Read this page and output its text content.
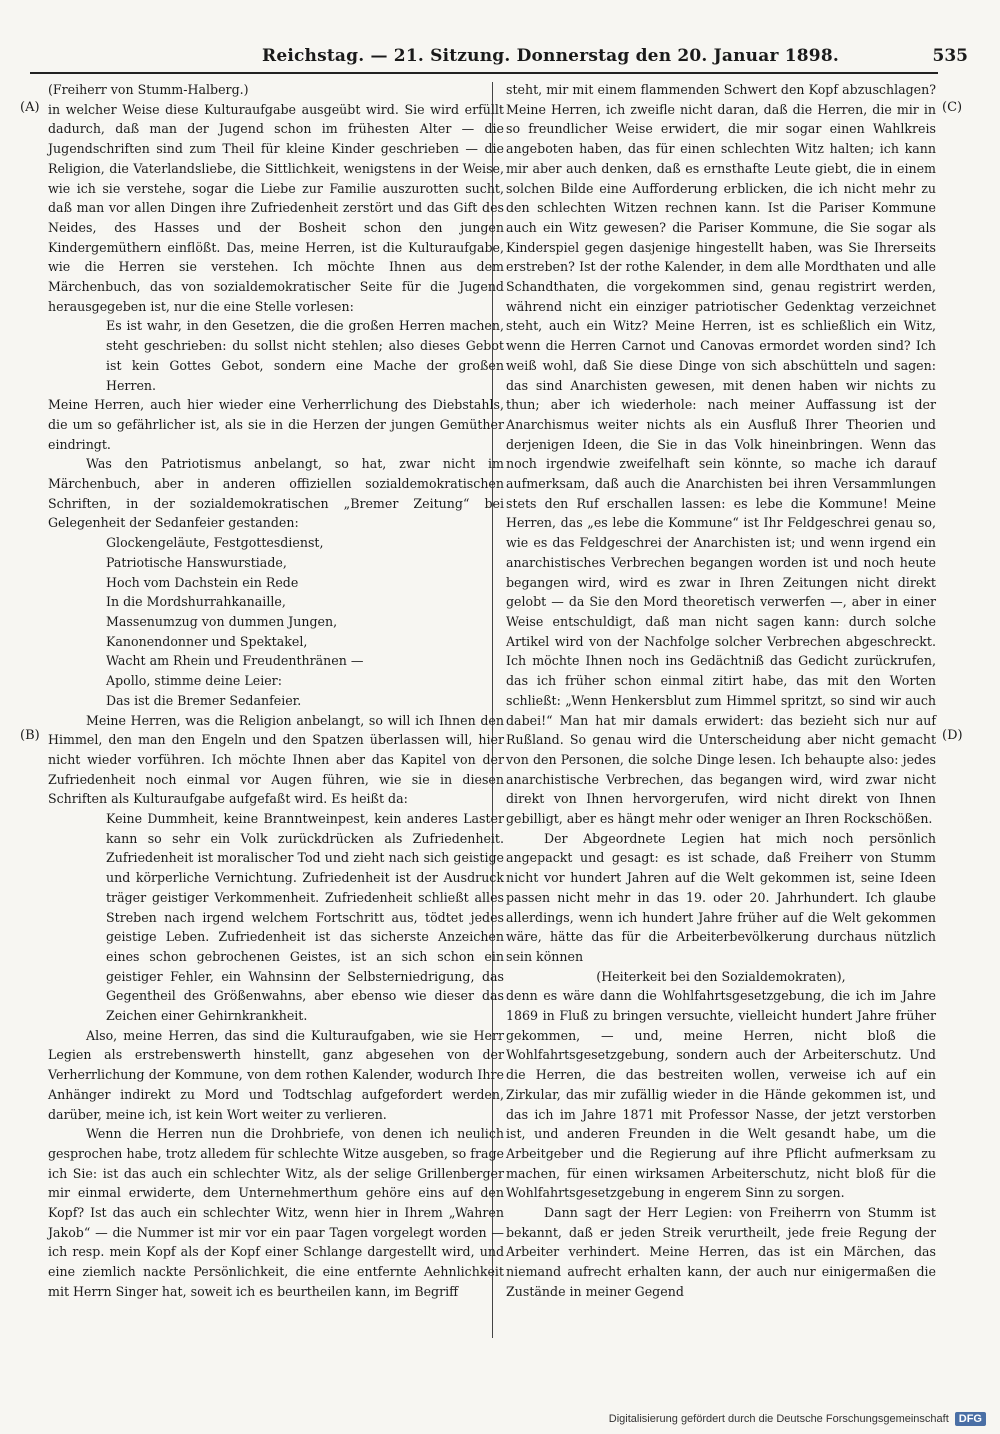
Reichstag. — 21. Sitzung. Donnerstag den 20. Januar 1898.	535
(A)
(B)
(C)
(D)

(Freiherr von Stumm-Halberg.)

in welcher Weise diese Kulturaufgabe ausgeübt wird. Sie wird erfüllt dadurch, daß man der Jugend schon im frühesten Alter — die Jugendschriften sind zum Theil für kleine Kinder geschrieben — die Religion, die Vaterlandsliebe, die Sittlichkeit, wenigstens in der Weise, wie ich sie verstehe, sogar die Liebe zur Familie auszurotten sucht, daß man vor allen Dingen ihre Zufriedenheit zerstört und das Gift des Neides, des Hasses und der Bosheit schon den jungen Kindergemüthern einflößt. Das, meine Herren, ist die Kulturaufgabe, wie die Herren sie verstehen. Ich möchte Ihnen aus dem Märchenbuch, das von sozialdemokratischer Seite für die Jugend herausgegeben ist, nur die eine Stelle vorlesen:

Es ist wahr, in den Gesetzen, die die großen Herren machen, steht geschrieben: du sollst nicht stehlen; also dieses Gebot ist kein Gottes Gebot, sondern eine Mache der großen Herren.

Meine Herren, auch hier wieder eine Verherrlichung des Diebstahls, die um so gefährlicher ist, als sie in die Herzen der jungen Gemüther eindringt.

Was den Patriotismus anbelangt, so hat, zwar nicht im Märchenbuch, aber in anderen offiziellen sozialdemokratischen Schriften, in der sozialdemokratischen „Bremer Zeitung“ bei Gelegenheit der Sedanfeier gestanden:

Glockengeläute, Festgottesdienst,
Patriotische Hanswurstiade,
Hoch vom Dachstein ein Rede
In die Mordshurrahkanaille,
Massenumzug von dummen Jungen,
Kanonendonner und Spektakel,
Wacht am Rhein und Freudenthränen —
Apollo, stimme deine Leier:
Das ist die Bremer Sedanfeier.

Meine Herren, was die Religion anbelangt, so will ich Ihnen den Himmel, den man den Engeln und den Spatzen überlassen will, hier nicht wieder vorführen. Ich möchte Ihnen aber das Kapitel von der Zufriedenheit noch einmal vor Augen führen, wie sie in diesen Schriften als Kulturaufgabe aufgefaßt wird. Es heißt da:

Keine Dummheit, keine Branntweinpest, kein anderes Laster kann so sehr ein Volk zurückdrücken als Zufriedenheit. Zufriedenheit ist moralischer Tod und zieht nach sich geistige und körperliche Vernichtung. Zufriedenheit ist der Ausdruck träger geistiger Verkommenheit. Zufriedenheit schließt alles Streben nach irgend welchem Fortschritt aus, tödtet jedes geistige Leben. Zufriedenheit ist das sicherste Anzeichen eines schon gebrochenen Geistes, ist an sich schon ein geistiger Fehler, ein Wahnsinn der Selbsterniedrigung, das Gegentheil des Größenwahns, aber ebenso wie dieser das Zeichen einer Gehirnkrankheit.

Also, meine Herren, das sind die Kulturaufgaben, wie sie Herr Legien als erstrebenswerth hinstellt, ganz abgesehen von der Verherrlichung der Kommune, von dem rothen Kalender, wodurch Ihre Anhänger indirekt zu Mord und Todtschlag aufgefordert werden, darüber, meine ich, ist kein Wort weiter zu verlieren.

Wenn die Herren nun die Drohbriefe, von denen ich neulich gesprochen habe, trotz alledem für schlechte Witze ausgeben, so frage ich Sie: ist das auch ein schlechter Witz, als der selige Grillenberger mir einmal erwiderte, dem Unternehmerthum gehöre eins auf den Kopf? Ist das auch ein schlechter Witz, wenn hier in Ihrem „Wahren Jakob“ — die Nummer ist mir vor ein paar Tagen vorgelegt worden — ich resp. mein Kopf als der Kopf einer Schlange dargestellt wird, und eine ziemlich nackte Persönlichkeit, die eine entfernte Aehnlichkeit mit Herrn Singer hat, soweit ich es beurtheilen kann, im Begriff

steht, mir mit einem flammenden Schwert den Kopf abzuschlagen? Meine Herren, ich zweifle nicht daran, daß die Herren, die mir in so freundlicher Weise erwidert, die mir sogar einen Wahlkreis angeboten haben, das für einen schlechten Witz halten; ich kann mir aber auch denken, daß es ernsthafte Leute giebt, die in einem solchen Bilde eine Aufforderung erblicken, die ich nicht mehr zu den schlechten Witzen rechnen kann. Ist die Pariser Kommune auch ein Witz gewesen? die Pariser Kommune, die Sie sogar als Kinderspiel gegen dasjenige hingestellt haben, was Sie Ihrerseits erstreben? Ist der rothe Kalender, in dem alle Mordthaten und alle Schandthaten, die vorgekommen sind, genau registrirt werden, während nicht ein einziger patriotischer Gedenktag verzeichnet steht, auch ein Witz? Meine Herren, ist es schließlich ein Witz, wenn die Herren Carnot und Canovas ermordet worden sind? Ich weiß wohl, daß Sie diese Dinge von sich abschütteln und sagen: das sind Anarchisten gewesen, mit denen haben wir nichts zu thun; aber ich wiederhole: nach meiner Auffassung ist der Anarchismus weiter nichts als ein Ausfluß Ihrer Theorien und derjenigen Ideen, die Sie in das Volk hineinbringen. Wenn das noch irgendwie zweifelhaft sein könnte, so mache ich darauf aufmerksam, daß auch die Anarchisten bei ihren Versammlungen stets den Ruf erschallen lassen: es lebe die Kommune! Meine Herren, das „es lebe die Kommune“ ist Ihr Feldgeschrei genau so, wie es das Feldgeschrei der Anarchisten ist; und wenn irgend ein anarchistisches Verbrechen begangen worden ist und noch heute begangen wird, wird es zwar in Ihren Zeitungen nicht direkt gelobt — da Sie den Mord theoretisch verwerfen —, aber in einer Weise entschuldigt, daß man nicht sagen kann: durch solche Artikel wird von der Nachfolge solcher Verbrechen abgeschreckt. Ich möchte Ihnen noch ins Gedächtniß das Gedicht zurückrufen, das ich früher schon einmal zitirt habe, das mit den Worten schließt: „Wenn Henkersblut zum Himmel spritzt, so sind wir auch dabei!“ Man hat mir damals erwidert: das bezieht sich nur auf Rußland. So genau wird die Unterscheidung aber nicht gemacht von den Personen, die solche Dinge lesen. Ich behaupte also: jedes anarchistische Verbrechen, das begangen wird, wird zwar nicht direkt von Ihnen hervorgerufen, wird nicht direkt von Ihnen gebilligt, aber es hängt mehr oder weniger an Ihren Rockschößen.

Der Abgeordnete Legien hat mich noch persönlich angepackt und gesagt: es ist schade, daß Freiherr von Stumm nicht vor hundert Jahren auf die Welt gekommen ist, seine Ideen passen nicht mehr in das 19. oder 20. Jahrhundert. Ich glaube allerdings, wenn ich hundert Jahre früher auf die Welt gekommen wäre, hätte das für die Arbeiterbevölkerung durchaus nützlich sein können

(Heiterkeit bei den Sozialdemokraten),

denn es wäre dann die Wohlfahrtsgesetzgebung, die ich im Jahre 1869 in Fluß zu bringen versuchte, vielleicht hundert Jahre früher gekommen, — und, meine Herren, nicht bloß die Wohlfahrtsgesetzgebung, sondern auch der Arbeiterschutz. Und die Herren, die das bestreiten wollen, verweise ich auf ein Zirkular, das mir zufällig wieder in die Hände gekommen ist, und das ich im Jahre 1871 mit Professor Nasse, der jetzt verstorben ist, und anderen Freunden in die Welt gesandt habe, um die Arbeitgeber und die Regierung auf ihre Pflicht aufmerksam zu machen, für einen wirksamen Arbeiterschutz, nicht bloß für die Wohlfahrtsgesetzgebung in engerem Sinn zu sorgen.

Dann sagt der Herr Legien: von Freiherrn von Stumm ist bekannt, daß er jeden Streik verurtheilt, jede freie Regung der Arbeiter verhindert. Meine Herren, das ist ein Märchen, das niemand aufrecht erhalten kann, der auch nur einigermaßen die Zustände in meiner Gegend

Digitalisierung gefördert durch die Deutsche Forschungsgemeinschaft DFG
